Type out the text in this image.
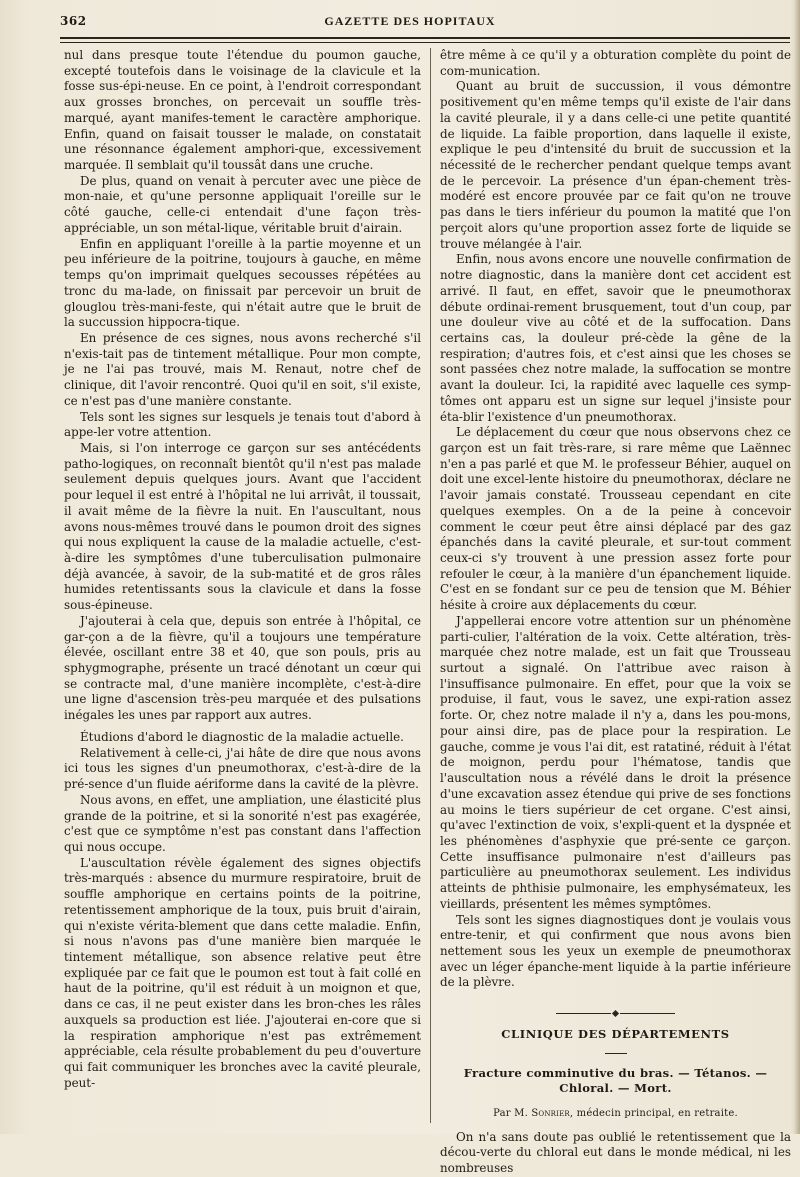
362	GAZETTE DES HOPITAUX

nul dans presque toute l'étendue du poumon gauche, excepté toutefois dans le voisinage de la clavicule et la fosse sus-épi-neuse. En ce point, à l'endroit correspondant aux grosses bronches, on percevait un souffle très-marqué, ayant manifes-tement le caractère amphorique. Enfin, quand on faisait tousser le malade, on constatait une résonnance également amphori-que, excessivement marquée. Il semblait qu'il toussât dans une cruche.

De plus, quand on venait à percuter avec une pièce de mon-naie, et qu'une personne appliquait l'oreille sur le côté gauche, celle-ci entendait d'une façon très-appréciable, un son métal-lique, véritable bruit d'airain.

Enfin en appliquant l'oreille à la partie moyenne et un peu inférieure de la poitrine, toujours à gauche, en même temps qu'on imprimait quelques secousses répétées au tronc du ma-lade, on finissait par percevoir un bruit de glouglou très-mani-feste, qui n'était autre que le bruit de la succussion hippocra-tique.

En présence de ces signes, nous avons recherché s'il n'exis-tait pas de tintement métallique. Pour mon compte, je ne l'ai pas trouvé, mais M. Renaut, notre chef de clinique, dit l'avoir rencontré. Quoi qu'il en soit, s'il existe, ce n'est pas d'une manière constante.

Tels sont les signes sur lesquels je tenais tout d'abord à appe-ler votre attention.

Mais, si l'on interroge ce garçon sur ses antécédents patho-logiques, on reconnaît bientôt qu'il n'est pas malade seulement depuis quelques jours. Avant que l'accident pour lequel il est entré à l'hôpital ne lui arrivât, il toussait, il avait même de la fièvre la nuit. En l'auscultant, nous avons nous-mêmes trouvé dans le poumon droit des signes qui nous expliquent la cause de la maladie actuelle, c'est-à-dire les symptômes d'une tuberculisation pulmonaire déjà avancée, à savoir, de la sub-matité et de gros râles humides retentissants sous la clavicule et dans la fosse sous-épineuse.

J'ajouterai à cela que, depuis son entrée à l'hôpital, ce gar-çon a de la fièvre, qu'il a toujours une température élevée, oscillant entre 38 et 40, que son pouls, pris au sphygmographe, présente un tracé dénotant un cœur qui se contracte mal, d'une manière incomplète, c'est-à-dire une ligne d'ascension très-peu marquée et des pulsations inégales les unes par rapport aux autres.

Étudions d'abord le diagnostic de la maladie actuelle.

Relativement à celle-ci, j'ai hâte de dire que nous avons ici tous les signes d'un pneumothorax, c'est-à-dire de la pré-sence d'un fluide aériforme dans la cavité de la plèvre.

Nous avons, en effet, une ampliation, une élasticité plus grande de la poitrine, et si la sonorité n'est pas exagérée, c'est que ce symptôme n'est pas constant dans l'affection qui nous occupe.

L'auscultation révèle également des signes objectifs très-marqués : absence du murmure respiratoire, bruit de souffle amphorique en certains points de la poitrine, retentissement amphorique de la toux, puis bruit d'airain, qui n'existe vérita-blement que dans cette maladie. Enfin, si nous n'avons pas d'une manière bien marquée le tintement métallique, son absence relative peut être expliquée par ce fait que le poumon est tout à fait collé en haut de la poitrine, qu'il est réduit à un moignon et que, dans ce cas, il ne peut exister dans les bron-ches les râles auxquels sa production est liée. J'ajouterai en-core que si la respiration amphorique n'est pas extrêmement appréciable, cela résulte probablement du peu d'ouverture qui fait communiquer les bronches avec la cavité pleurale, peut-

être même à ce qu'il y a obturation complète du point de com-munication.

Quant au bruit de succussion, il vous démontre positivement qu'en même temps qu'il existe de l'air dans la cavité pleurale, il y a dans celle-ci une petite quantité de liquide. La faible proportion, dans laquelle il existe, explique le peu d'intensité du bruit de succussion et la nécessité de le rechercher pendant quelque temps avant de le percevoir. La présence d'un épan-chement très-modéré est encore prouvée par ce fait qu'on ne trouve pas dans le tiers inférieur du poumon la matité que l'on perçoit alors qu'une proportion assez forte de liquide se trouve mélangée à l'air.

Enfin, nous avons encore une nouvelle confirmation de notre diagnostic, dans la manière dont cet accident est arrivé. Il faut, en effet, savoir que le pneumothorax débute ordinai-rement brusquement, tout d'un coup, par une douleur vive au côté et de la suffocation. Dans certains cas, la douleur pré-cède la gêne de la respiration; d'autres fois, et c'est ainsi que les choses se sont passées chez notre malade, la suffocation se montre avant la douleur. Ici, la rapidité avec laquelle ces symp-tômes ont apparu est un signe sur lequel j'insiste pour éta-blir l'existence d'un pneumothorax.

Le déplacement du cœur que nous observons chez ce garçon est un fait très-rare, si rare même que Laënnec n'en a pas parlé et que M. le professeur Béhier, auquel on doit une excel-lente histoire du pneumothorax, déclare ne l'avoir jamais constaté. Trousseau cependant en cite quelques exemples. On a de la peine à concevoir comment le cœur peut être ainsi déplacé par des gaz épanchés dans la cavité pleurale, et sur-tout comment ceux-ci s'y trouvent à une pression assez forte pour refouler le cœur, à la manière d'un épanchement liquide. C'est en se fondant sur ce peu de tension que M. Béhier hésite à croire aux déplacements du cœur.

J'appellerai encore votre attention sur un phénomène parti-culier, l'altération de la voix. Cette altération, très-marquée chez notre malade, est un fait que Trousseau surtout a signalé. On l'attribue avec raison à l'insuffisance pulmonaire. En effet, pour que la voix se produise, il faut, vous le savez, une expi-ration assez forte. Or, chez notre malade il n'y a, dans les pou-mons, pour ainsi dire, pas de place pour la respiration. Le gauche, comme je vous l'ai dit, est ratatiné, réduit à l'état de moignon, perdu pour l'hématose, tandis que l'auscultation nous a révélé dans le droit la présence d'une excavation assez étendue qui prive de ses fonctions au moins le tiers supérieur de cet organe. C'est ainsi, qu'avec l'extinction de voix, s'expli-quent et la dyspnée et les phénomènes d'asphyxie que pré-sente ce garçon. Cette insuffisance pulmonaire n'est d'ailleurs pas particulière au pneumothorax seulement. Les individus atteints de phthisie pulmonaire, les emphysémateux, les vieillards, présentent les mêmes symptômes.

Tels sont les signes diagnostiques dont je voulais vous entre-tenir, et qui confirment que nous avons bien nettement sous les yeux un exemple de pneumothorax avec un léger épanche-ment liquide à la partie inférieure de la plèvre.

CLINIQUE DES DÉPARTEMENTS
Fracture comminutive du bras. — Tétanos. — Chloral. — Mort.
Par M. Sonrier, médecin principal, en retraite.

On n'a sans doute pas oublié le retentissement que la décou-verte du chloral eut dans le monde médical, ni les nombreuses
